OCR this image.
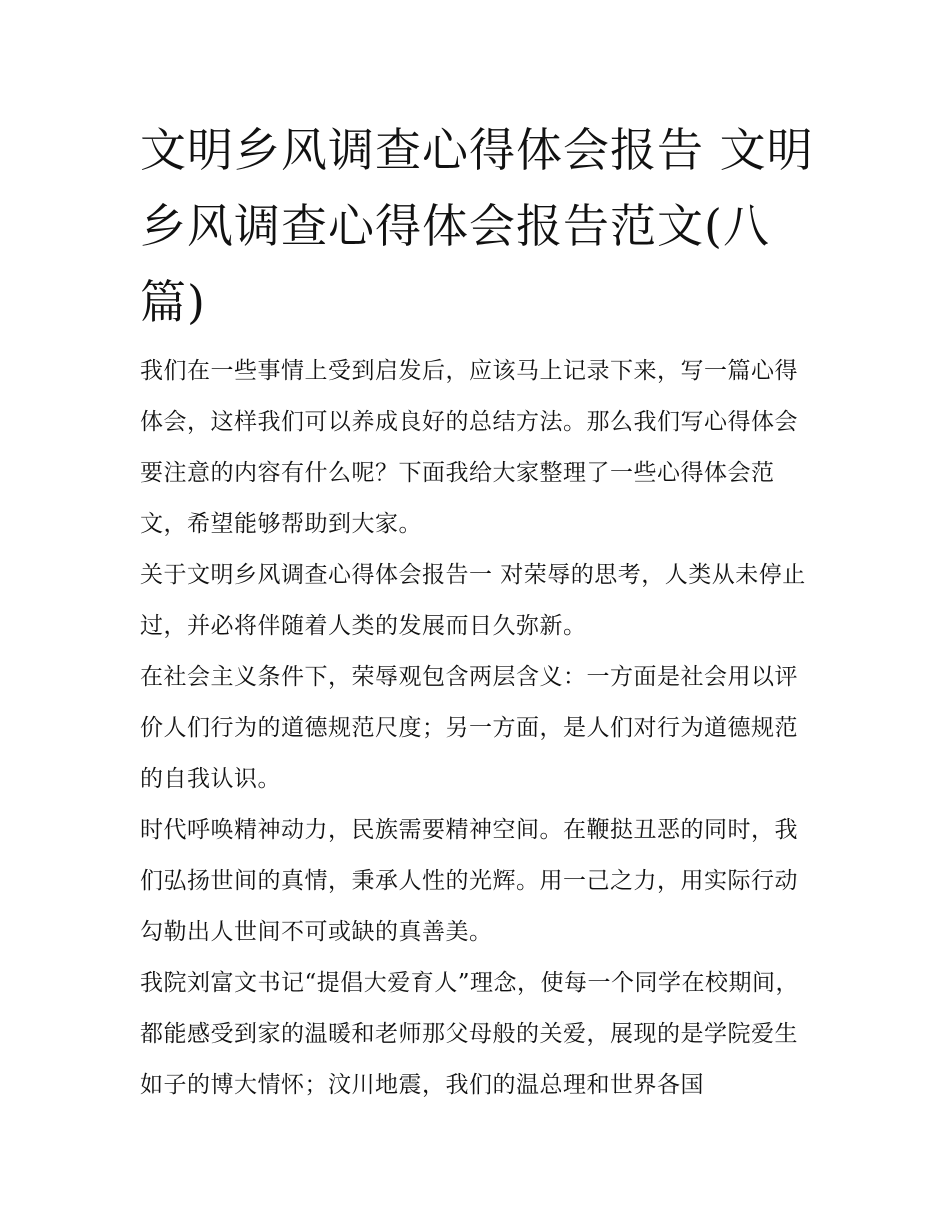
文明乡风调查心得体会报告 文明乡风调查心得体会报告范文(八篇)

我们在一些事情上受到启发后，应该马上记录下来，写一篇心得体会，这样我们可以养成良好的总结方法。那么我们写心得体会要注意的内容有什么呢？下面我给大家整理了一些心得体会范文，希望能够帮助到大家。

关于文明乡风调查心得体会报告一 对荣辱的思考，人类从未停止过，并必将伴随着人类的发展而日久弥新。

在社会主义条件下，荣辱观包含两层含义：一方面是社会用以评价人们行为的道德规范尺度；另一方面，是人们对行为道德规范的自我认识。

时代呼唤精神动力，民族需要精神空间。在鞭挞丑恶的同时，我们弘扬世间的真情，秉承人性的光辉。用一己之力，用实际行动勾勒出人世间不可或缺的真善美。

我院刘富文书记“提倡大爱育人”理念，使每一个同学在校期间，都能感受到家的温暖和老师那父母般的关爱，展现的是学院爱生如子的博大情怀；汶川地震，我们的温总理和世界各国
